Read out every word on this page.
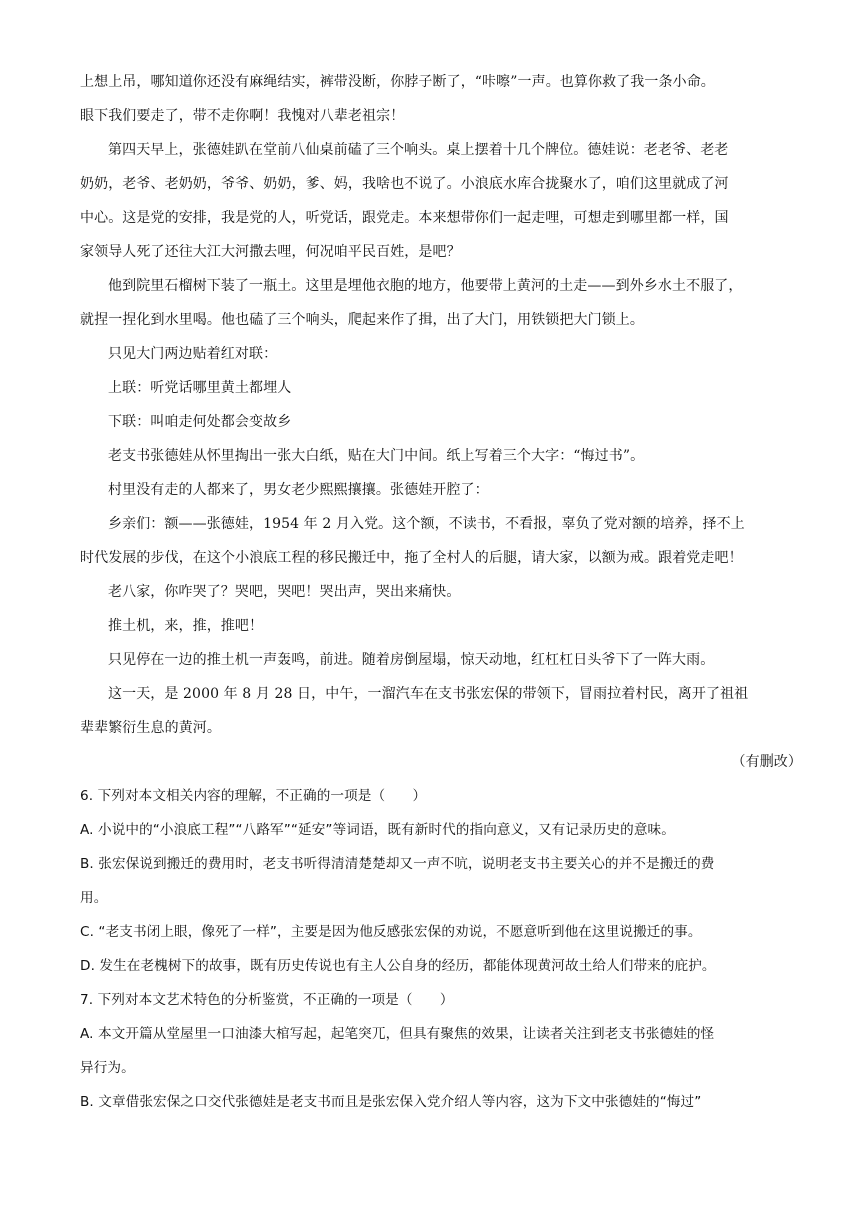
上想上吊，哪知道你还没有麻绳结实，裤带没断，你脖子断了，“咔嚓”一声。也算你救了我一条小命。
眼下我们要走了，带不走你啊！我愧对八辈老祖宗！
第四天早上，张德娃趴在堂前八仙桌前磕了三个响头。桌上摆着十几个牌位。德娃说：老老爷、老老
奶奶，老爷、老奶奶，爷爷、奶奶，爹、妈，我啥也不说了。小浪底水库合拢聚水了，咱们这里就成了河
中心。这是党的安排，我是党的人，听党话，跟党走。本来想带你们一起走哩，可想走到哪里都一样，国
家领导人死了还往大江大河撒去哩，何况咱平民百姓，是吧？
他到院里石榴树下装了一瓶土。这里是埋他衣胞的地方，他要带上黄河的土走——到外乡水土不服了，
就捏一捏化到水里喝。他也磕了三个响头，爬起来作了揖，出了大门，用铁锁把大门锁上。
只见大门两边贴着红对联：
上联：听党话哪里黄土都埋人
下联：叫咱走何处都会变故乡
老支书张德娃从怀里掏出一张大白纸，贴在大门中间。纸上写着三个大字：“悔过书”。
村里没有走的人都来了，男女老少熙熙攘攘。张德娃开腔了：
乡亲们：额——张德娃，1954 年 2 月入党。这个额，不读书，不看报，辜负了党对额的培养，择不上
时代发展的步伐，在这个小浪底工程的移民搬迁中，拖了全村人的后腿，请大家，以额为戒。跟着党走吧！
老八家，你咋哭了？哭吧，哭吧！哭出声，哭出来痛快。
推土机，来，推，推吧！
只见停在一边的推土机一声轰鸣，前进。随着房倒屋塌，惊天动地，红杠杠日头爷下了一阵大雨。
这一天，是 2000 年 8 月 28 日，中午，一溜汽车在支书张宏保的带领下，冒雨拉着村民，离开了祖祖
辈辈繁衍生息的黄河。
（有删改）
6. 下列对本文相关内容的理解，不正确的一项是（　　）
A. 小说中的“小浪底工程”“八路军”“延安”等词语，既有新时代的指向意义，又有记录历史的意味。
B. 张宏保说到搬迁的费用时，老支书听得清清楚楚却又一声不吭，说明老支书主要关心的并不是搬迁的费
用。
C. “老支书闭上眼，像死了一样”，主要是因为他反感张宏保的劝说，不愿意听到他在这里说搬迁的事。
D. 发生在老槐树下的故事，既有历史传说也有主人公自身的经历，都能体现黄河故土给人们带来的庇护。
7. 下列对本文艺术特色的分析鉴赏，不正确的一项是（　　）
A. 本文开篇从堂屋里一口油漆大棺写起，起笔突兀，但具有聚焦的效果，让读者关注到老支书张德娃的怪
异行为。
B. 文章借张宏保之口交代张德娃是老支书而且是张宏保入党介绍人等内容，这为下文中张德娃的“悔过”
